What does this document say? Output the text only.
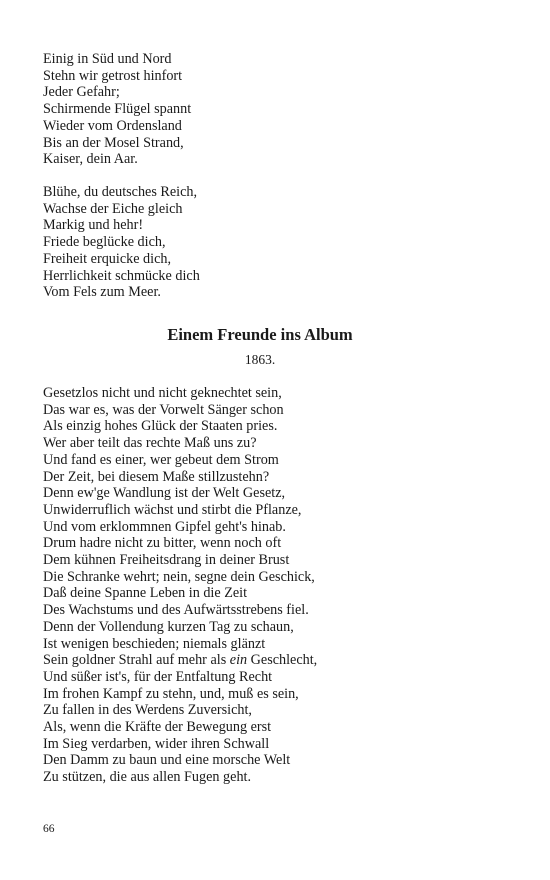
Einig in Süd und Nord
Stehn wir getrost hinfort
Jeder Gefahr;
Schirmende Flügel spannt
Wieder vom Ordensland
Bis an der Mosel Strand,
Kaiser, dein Aar.
Blühe, du deutsches Reich,
Wachse der Eiche gleich
Markig und hehr!
Friede beglücke dich,
Freiheit erquicke dich,
Herrlichkeit schmücke dich
Vom Fels zum Meer.
Einem Freunde ins Album
1863.
Gesetzlos nicht und nicht geknechtet sein,
Das war es, was der Vorwelt Sänger schon
Als einzig hohes Glück der Staaten pries.
Wer aber teilt das rechte Maß uns zu?
Und fand es einer, wer gebeut dem Strom
Der Zeit, bei diesem Maße stillzustehn?
Denn ew'ge Wandlung ist der Welt Gesetz,
Unwiderruflich wächst und stirbt die Pflanze,
Und vom erklommnen Gipfel geht's hinab.
Drum hadre nicht zu bitter, wenn noch oft
Dem kühnen Freiheitsdrang in deiner Brust
Die Schranke wehrt; nein, segne dein Geschick,
Daß deine Spanne Leben in die Zeit
Des Wachstums und des Aufwärtsstrebens fiel.
Denn der Vollendung kurzen Tag zu schaun,
Ist wenigen beschieden; niemals glänzt
Sein goldner Strahl auf mehr als ein Geschlecht,
Und süßer ist's, für der Entfaltung Recht
Im frohen Kampf zu stehn, und, muß es sein,
Zu fallen in des Werdens Zuversicht,
Als, wenn die Kräfte der Bewegung erst
Im Sieg verdarben, wider ihren Schwall
Den Damm zu baun und eine morsche Welt
Zu stützen, die aus allen Fugen geht.
66
